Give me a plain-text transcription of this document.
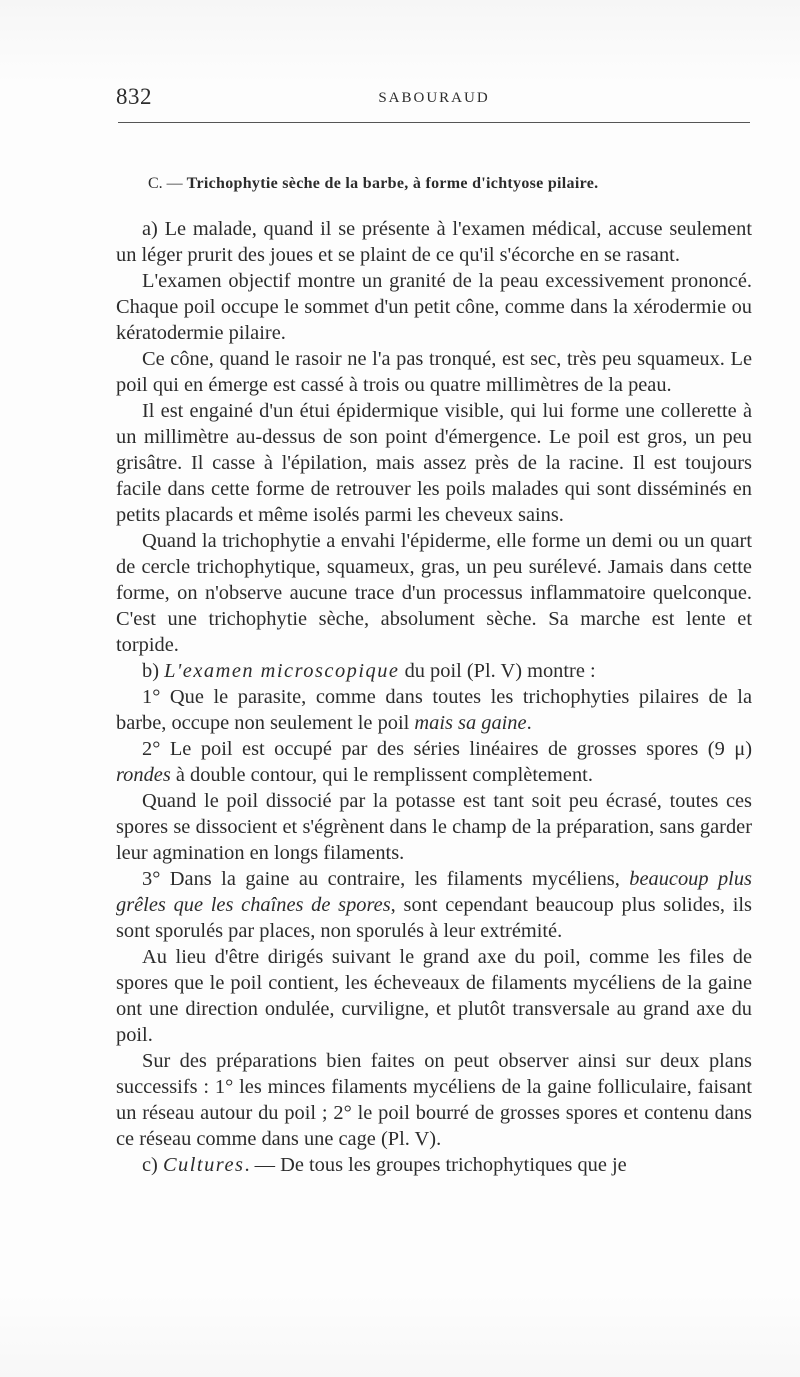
832	SABOURAUD
C. — Trichophytie sèche de la barbe, à forme d'ichtyose pilaire.

a) Le malade, quand il se présente à l'examen médical, accuse seulement un léger prurit des joues et se plaint de ce qu'il s'écorche en se rasant.

L'examen objectif montre un granité de la peau excessivement prononcé. Chaque poil occupe le sommet d'un petit cône, comme dans la xérodermie ou kératodermie pilaire.

Ce cône, quand le rasoir ne l'a pas tronqué, est sec, très peu squameux. Le poil qui en émerge est cassé à trois ou quatre millimètres de la peau.

Il est engainé d'un étui épidermique visible, qui lui forme une collerette à un millimètre au-dessus de son point d'émergence. Le poil est gros, un peu grisâtre. Il casse à l'épilation, mais assez près de la racine. Il est toujours facile dans cette forme de retrouver les poils malades qui sont disséminés en petits placards et même isolés parmi les cheveux sains.

Quand la trichophytie a envahi l'épiderme, elle forme un demi ou un quart de cercle trichophytique, squameux, gras, un peu surélevé. Jamais dans cette forme, on n'observe aucune trace d'un processus inflammatoire quelconque. C'est une trichophytie sèche, absolument sèche. Sa marche est lente et torpide.

b) L'examen microscopique du poil (Pl. V) montre :

1° Que le parasite, comme dans toutes les trichophyties pilaires de la barbe, occupe non seulement le poil mais sa gaine.

2° Le poil est occupé par des séries linéaires de grosses spores (9 μ) rondes à double contour, qui le remplissent complètement.

Quand le poil dissocié par la potasse est tant soit peu écrasé, toutes ces spores se dissocient et s'égrènent dans le champ de la préparation, sans garder leur agmination en longs filaments.

3° Dans la gaine au contraire, les filaments mycéliens, beaucoup plus grêles que les chaînes de spores, sont cependant beaucoup plus solides, ils sont sporulés par places, non sporulés à leur extrémité.

Au lieu d'être dirigés suivant le grand axe du poil, comme les files de spores que le poil contient, les écheveaux de filaments mycéliens de la gaine ont une direction ondulée, curviligne, et plutôt transversale au grand axe du poil.

Sur des préparations bien faites on peut observer ainsi sur deux plans successifs : 1° les minces filaments mycéliens de la gaine folliculaire, faisant un réseau autour du poil ; 2° le poil bourré de grosses spores et contenu dans ce réseau comme dans une cage (Pl. V).

c) Cultures. — De tous les groupes trichophytiques que je
